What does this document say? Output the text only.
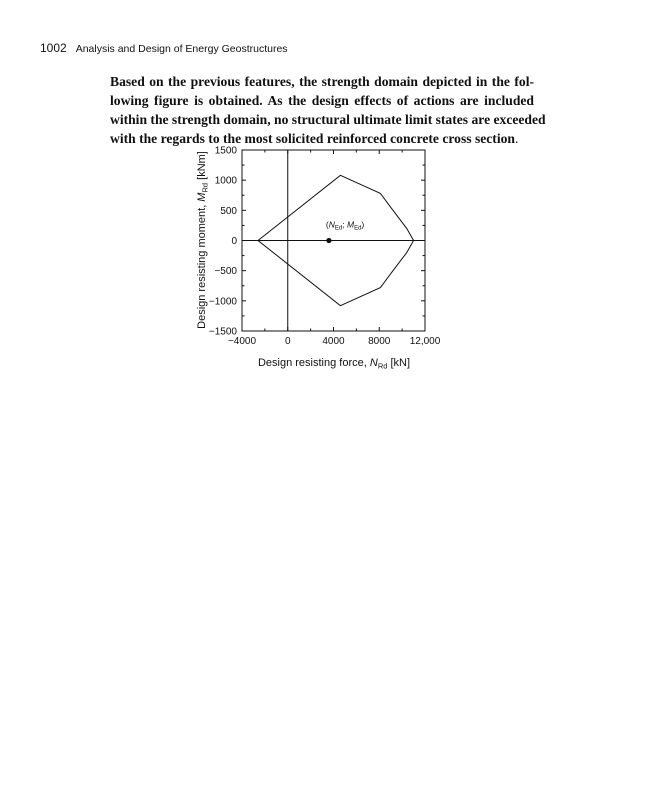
1002 Analysis and Design of Energy Geostructures

Based on the previous features, the strength domain depicted in the fol-
lowing figure is obtained. As the design effects of actions are included
within the strength domain, no structural ultimate limit states are exceeded
with the regards to the most solicited reinforced concrete cross section.

−4000	0	4000 8000 12,000
−1500
−1000
−500
0
500
1000
1500
($N_{Ed}$; $M_{Ed}$)
Design resisting force, $N_{Rd}$ [kN]
Design resisting moment, $M_{Rd}$ [kNm]
